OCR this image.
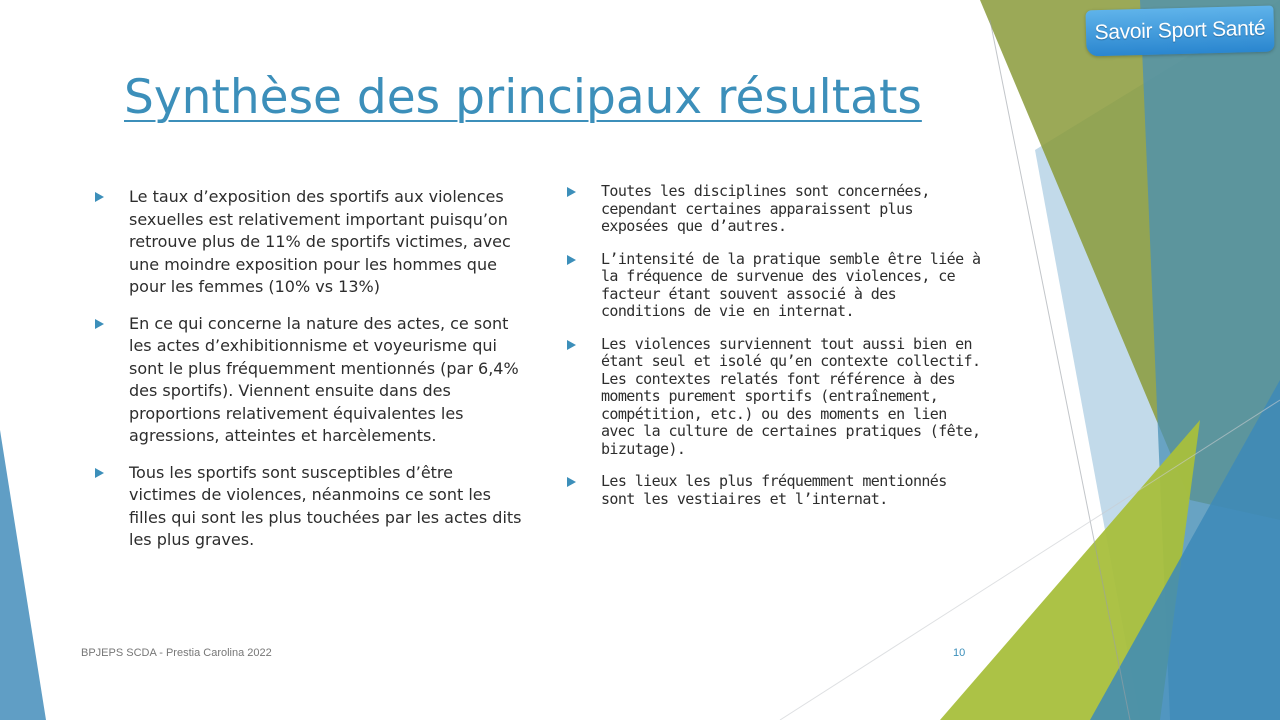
Savoir Sport Santé
Synthèse des principaux résultats
Le taux d’exposition des sportifs aux violences sexuelles est relativement important puisqu’on retrouve plus de 11% de sportifs victimes, avec une moindre exposition pour les hommes que pour les femmes (10% vs 13%)
En ce qui concerne la nature des actes, ce sont les actes d’exhibitionnisme et voyeurisme qui sont le plus fréquemment mentionnés (par 6,4% des sportifs). Viennent ensuite dans des proportions relativement équivalentes les agressions, atteintes et harcèlements.
Tous les sportifs sont susceptibles d’être victimes de violences, néanmoins ce sont les filles qui sont les plus touchées par les actes dits les plus graves.
Toutes les disciplines sont concernées, cependant certaines apparaissent plus exposées que d’autres.
L’intensité de la pratique semble être liée à la fréquence de survenue des violences, ce facteur étant souvent associé à des conditions de vie en internat.
Les violences surviennent tout aussi bien en étant seul et isolé qu’en contexte collectif. Les contextes relatés font référence à des moments purement sportifs (entraînement, compétition, etc.) ou des moments en lien avec la culture de certaines pratiques (fête, bizutage).
Les lieux les plus fréquemment mentionnés sont les vestiaires et l’internat.
BPJEPS SCDA - Prestia Carolina 2022	10
